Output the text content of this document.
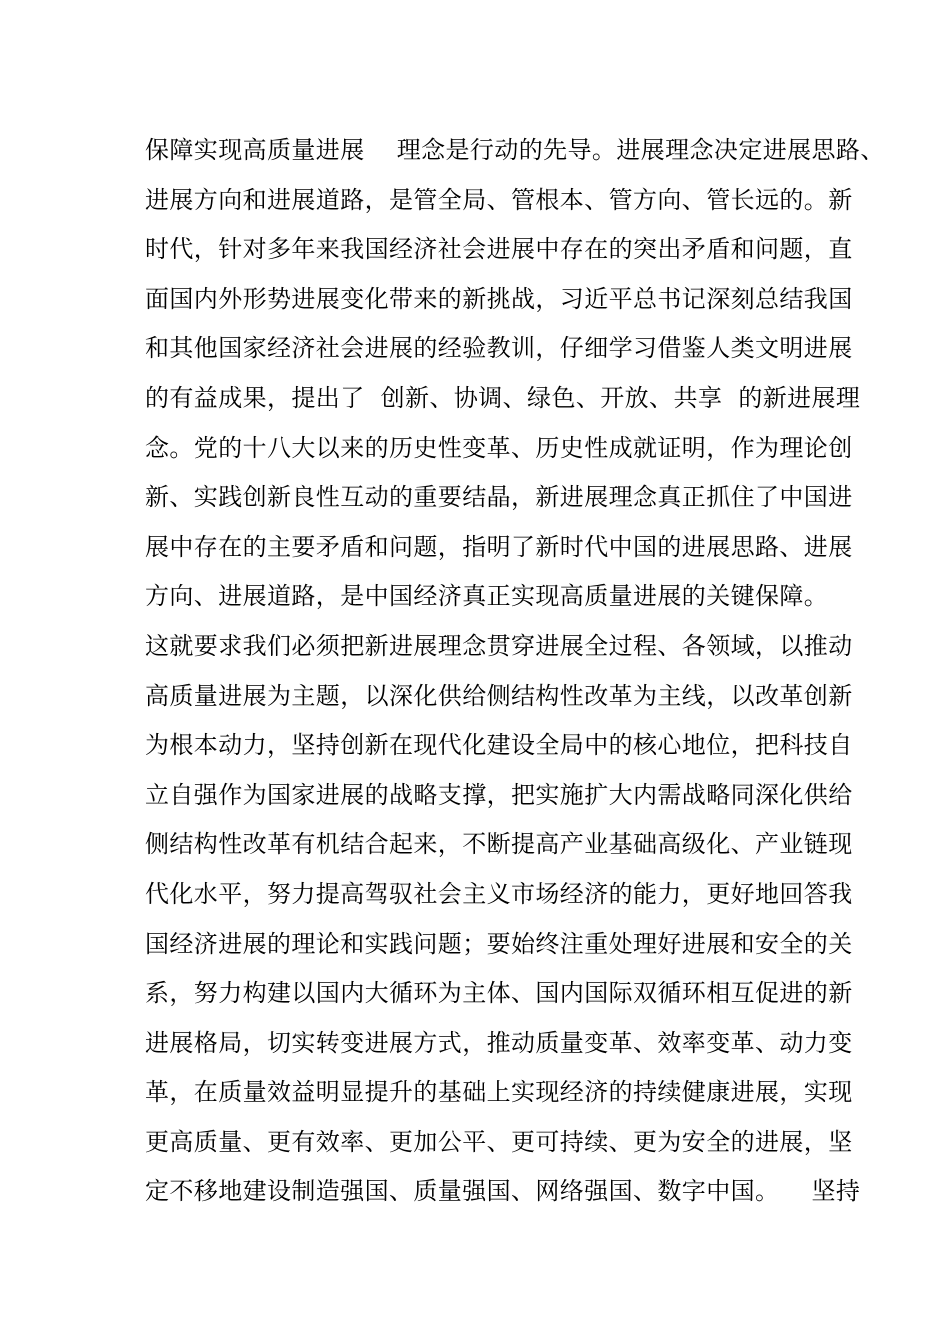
保障实现高质量进展    理念是行动的先导。进展理念决定进展思路、
进展方向和进展道路，是管全局、管根本、管方向、管长远的。新
时代，针对多年来我国经济社会进展中存在的突出矛盾和问题，直
面国内外形势进展变化带来的新挑战，习近平总书记深刻总结我国
和其他国家经济社会进展的经验教训，仔细学习借鉴人类文明进展
的有益成果，提出了  创新、协调、绿色、开放、共享  的新进展理
念。党的十八大以来的历史性变革、历史性成就证明，作为理论创
新、实践创新良性互动的重要结晶，新进展理念真正抓住了中国进
展中存在的主要矛盾和问题，指明了新时代中国的进展思路、进展
方向、进展道路，是中国经济真正实现高质量进展的关键保障。
这就要求我们必须把新进展理念贯穿进展全过程、各领域，以推动
高质量进展为主题，以深化供给侧结构性改革为主线，以改革创新
为根本动力，坚持创新在现代化建设全局中的核心地位，把科技自
立自强作为国家进展的战略支撑，把实施扩大内需战略同深化供给
侧结构性改革有机结合起来，不断提高产业基础高级化、产业链现
代化水平，努力提高驾驭社会主义市场经济的能力，更好地回答我
国经济进展的理论和实践问题；要始终注重处理好进展和安全的关
系，努力构建以国内大循环为主体、国内国际双循环相互促进的新
进展格局，切实转变进展方式，推动质量变革、效率变革、动力变
革，在质量效益明显提升的基础上实现经济的持续健康进展，实现
更高质量、更有效率、更加公平、更可持续、更为安全的进展，坚
定不移地建设制造强国、质量强国、网络强国、数字中国。    坚持
